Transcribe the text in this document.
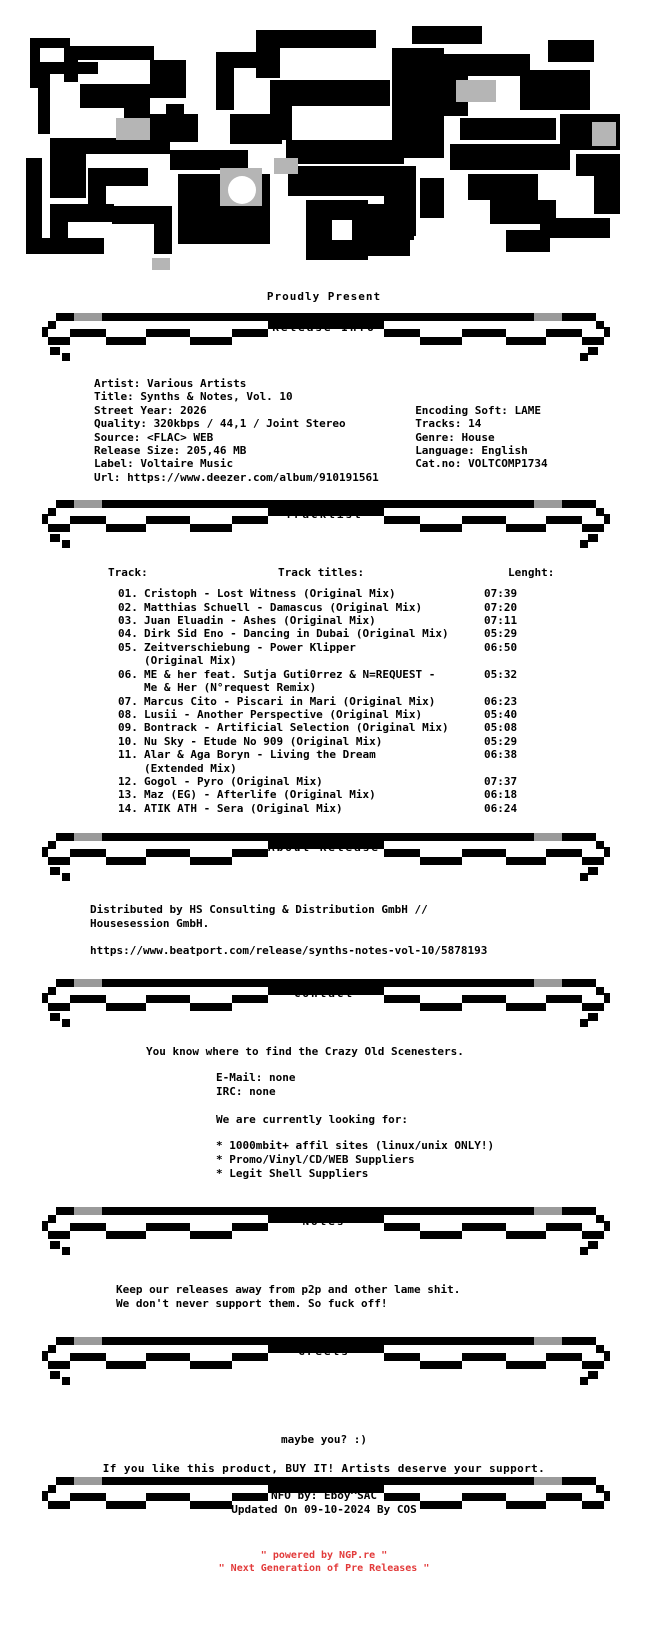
Proudly Present
Release Info
Artist: Various Artists
Title: Synths & Notes, Vol. 10
Street Year: 2026
Quality: 320kbps / 44,1 / Joint Stereo
Source: <FLAC> WEB
Release Size: 205,46 MB
Label: Voltaire Music
Url: https://www.deezer.com/album/910191561
Encoding Soft: LAME
Tracks: 14
Genre: House
Language: English
Cat.no: VOLTCOMP1734
Tracklist
Track:	Track titles:	Lenght:
01. Cristoph - Lost Witness (Original Mix)	07:39
02. Matthias Schuell - Damascus (Original Mix)	07:20
03. Juan Eluadin - Ashes (Original Mix)	07:11
04. Dirk Sid Eno - Dancing in Dubai (Original Mix)	05:29
05. Zeitverschiebung - Power Klipper	06:50
(Original Mix)
06. ME & her feat. Sutja Guti0rrez & N=REQUEST -	05:32
Me & Her (N°request Remix)
07. Marcus Cito - Piscari in Mari (Original Mix)	06:23
08. Lusii - Another Perspective (Original Mix)	05:40
09. Bontrack - Artificial Selection (Original Mix)	05:08
10. Nu Sky - Etude No 909 (Original Mix)	05:29
11. Alar & Aga Boryn - Living the Dream	06:38
(Extended Mix)
12. Gogol - Pyro (Original Mix)	07:37
13. Maz (EG) - Afterlife (Original Mix)	06:18
14. ATIK ATH - Sera (Original Mix)	06:24
About Release
Distributed by HS Consulting & Distribution GmbH //
Housesession GmbH.
https://www.beatport.com/release/synths-notes-vol-10/5878193
Contact
You know where to find the Crazy Old Scenesters.
E-Mail: none
IRC: none
We are currently looking for:
* 1000mbit+ affil sites (linux/unix ONLY!)
* Promo/Vinyl/CD/WEB Suppliers
* Legit Shell Suppliers
Notes
Keep our releases away from p2p and other lame shit.
We don't never support them. So fuck off!
Greets
maybe you? :)
If you like this product, BUY IT! Artists deserve your support.
NFO by: Eboy^SAC
Updated On 09-10-2024 By COS
" powered by NGP.re "
" Next Generation of Pre Releases "
